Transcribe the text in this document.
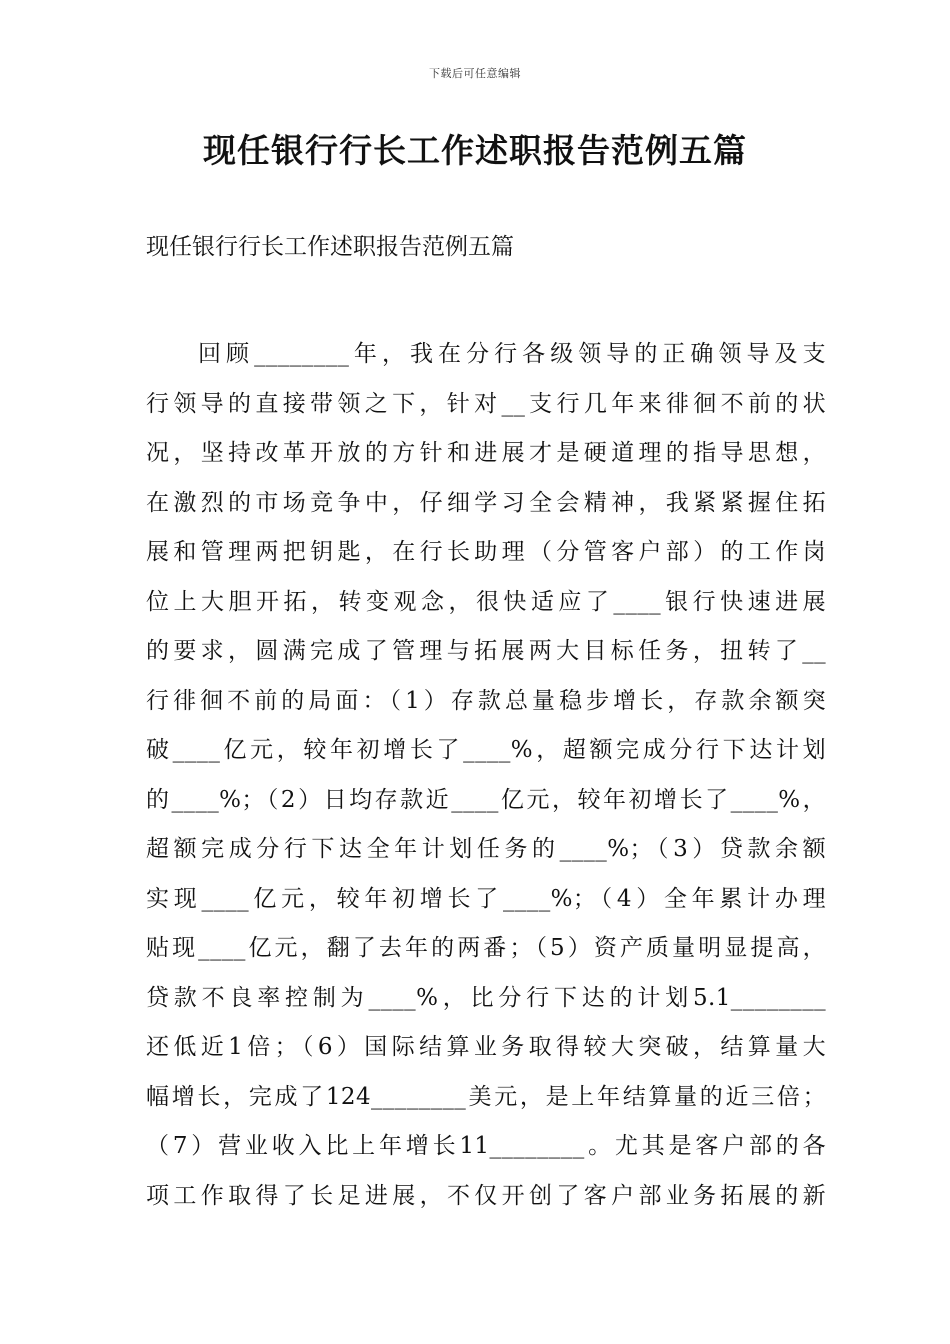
下载后可任意编辑
现任银行行长工作述职报告范例五篇

现任银行行长工作述职报告范例五篇

回顾________年，我在分行各级领导的正确领导及支
行领导的直接带领之下，针对__支行几年来徘徊不前的状
况，坚持改革开放的方针和进展才是硬道理的指导思想，
在激烈的市场竞争中，仔细学习全会精神，我紧紧握住拓
展和管理两把钥匙，在行长助理（分管客户部）的工作岗
位上大胆开拓，转变观念，很快适应了____银行快速进展
的要求，圆满完成了管理与拓展两大目标任务，扭转了__
行徘徊不前的局面：（1）存款总量稳步增长，存款余额突
破____亿元，较年初增长了____%，超额完成分行下达计划
的____%；（2）日均存款近____亿元，较年初增长了____%，
超额完成分行下达全年计划任务的____%；（3）贷款余额
实现____亿元，较年初增长了____%；（4）全年累计办理
贴现____亿元，翻了去年的两番；（5）资产质量明显提高，
贷款不良率控制为____%，比分行下达的计划5.1________
还低近1倍；（6）国际结算业务取得较大突破，结算量大
幅增长，完成了124________美元，是上年结算量的近三倍；
（7）营业收入比上年增长11________。尤其是客户部的各
项工作取得了长足进展，不仅开创了客户部业务拓展的新
